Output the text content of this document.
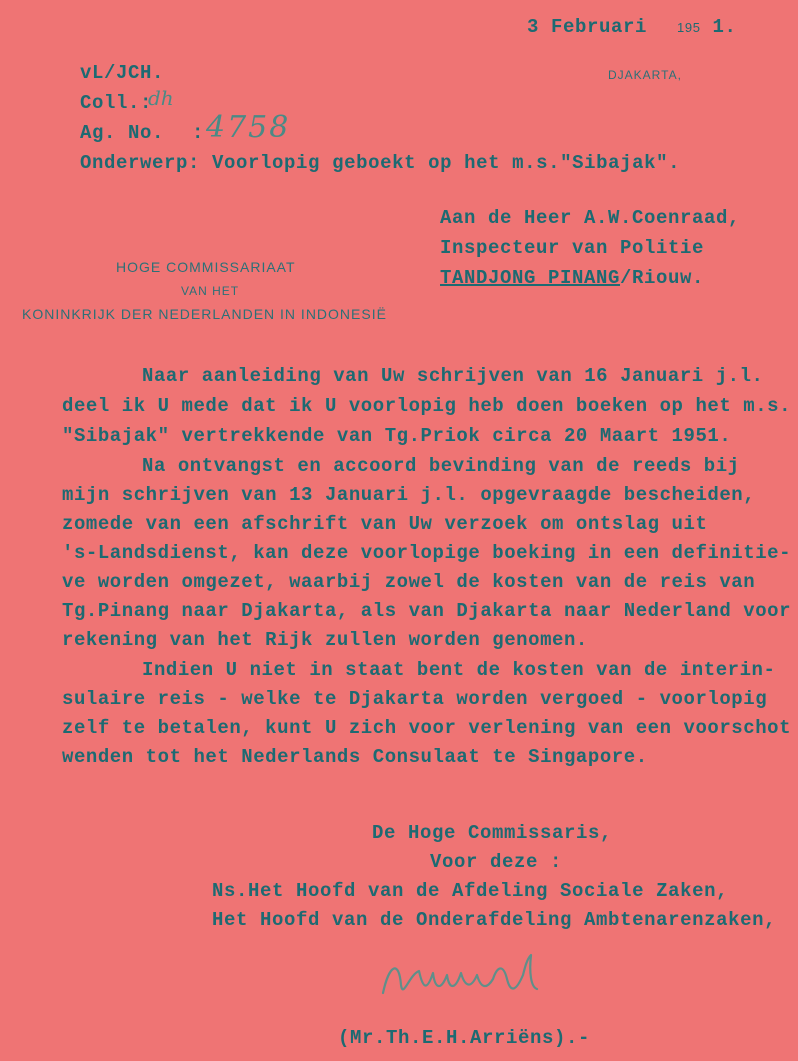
3 Februari 195 1.
DJAKARTA,
vL/JCH.
Coll.:
dh
Ag. No. : 4758
Onderwerp: Voorlopig geboekt op het m.s."Sibajak".
Aan de Heer A.W.Coenraad,
Inspecteur van Politie
TANDJONG PINANG/Riouw.
HOGE COMMISSARIAAT
VAN HET
KONINKRIJK DER NEDERLANDEN IN INDONESIË
Naar aanleiding van Uw schrijven van 16 Januari j.l.
deel ik U mede dat ik U voorlopig heb doen boeken op het m.s.
"Sibajak" vertrekkende van Tg.Priok circa 20 Maart 1951.
Na ontvangst en accoord bevinding van de reeds bij
mijn schrijven van 13 Januari j.l. opgevraagde bescheiden,
zomede van een afschrift van Uw verzoek om ontslag uit
's-Landsdienst, kan deze voorlopige boeking in een definitie-
ve worden omgezet, waarbij zowel de kosten van de reis van
Tg.Pinang naar Djakarta, als van Djakarta naar Nederland voor
rekening van het Rijk zullen worden genomen.
Indien U niet in staat bent de kosten van de interin-
sulaire reis - welke te Djakarta worden vergoed - voorlopig
zelf te betalen, kunt U zich voor verlening van een voorschot
wenden tot het Nederlands Consulaat te Singapore.
De Hoge Commissaris,
Voor deze :
Ns.Het Hoofd van de Afdeling Sociale Zaken,
Het Hoofd van de Onderafdeling Ambtenarenzaken,
(Mr.Th.E.H.Arriëns).-
